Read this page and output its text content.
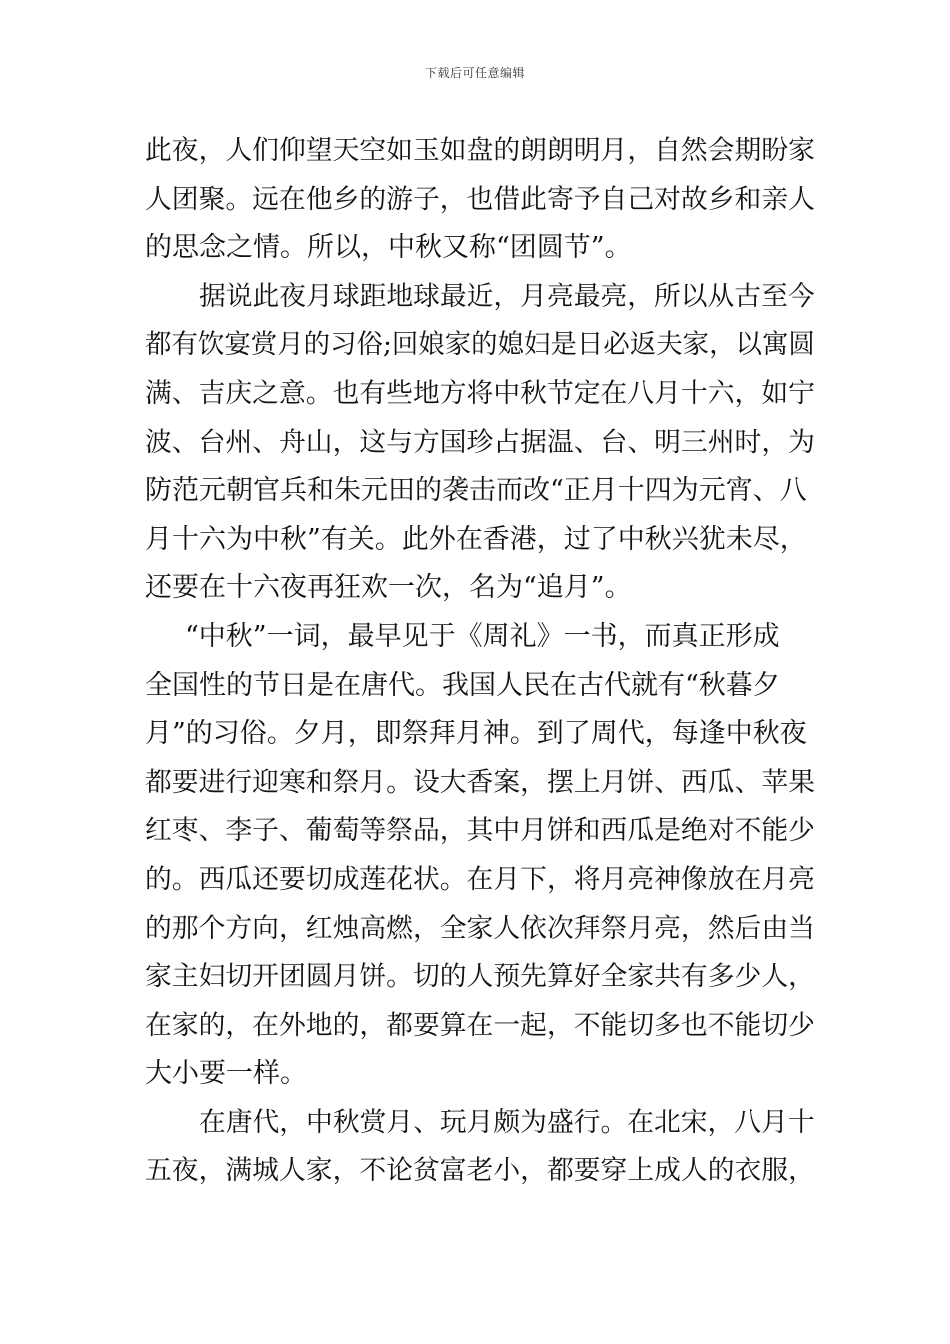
下载后可任意编辑
此夜，人们仰望天空如玉如盘的朗朗明月，自然会期盼家
人团聚。远在他乡的游子，也借此寄予自己对故乡和亲人
的思念之情。所以，中秋又称“团圆节”。
据说此夜月球距地球最近，月亮最亮，所以从古至今
都有饮宴赏月的习俗;回娘家的媳妇是日必返夫家，以寓圆
满、吉庆之意。也有些地方将中秋节定在八月十六，如宁
波、台州、舟山，这与方国珍占据温、台、明三州时，为
防范元朝官兵和朱元田的袭击而改“正月十四为元宵、八
月十六为中秋”有关。此外在香港，过了中秋兴犹未尽，
还要在十六夜再狂欢一次，名为“追月”。
“中秋”一词，最早见于《周礼》一书，而真正形成
全国性的节日是在唐代。我国人民在古代就有“秋暮夕
月”的习俗。夕月，即祭拜月神。到了周代，每逢中秋夜
都要进行迎寒和祭月。设大香案，摆上月饼、西瓜、苹果
红枣、李子、葡萄等祭品，其中月饼和西瓜是绝对不能少
的。西瓜还要切成莲花状。在月下，将月亮神像放在月亮
的那个方向，红烛高燃，全家人依次拜祭月亮，然后由当
家主妇切开团圆月饼。切的人预先算好全家共有多少人，
在家的，在外地的，都要算在一起，不能切多也不能切少
大小要一样。
在唐代，中秋赏月、玩月颇为盛行。在北宋，八月十
五夜，满城人家，不论贫富老小，都要穿上成人的衣服，
